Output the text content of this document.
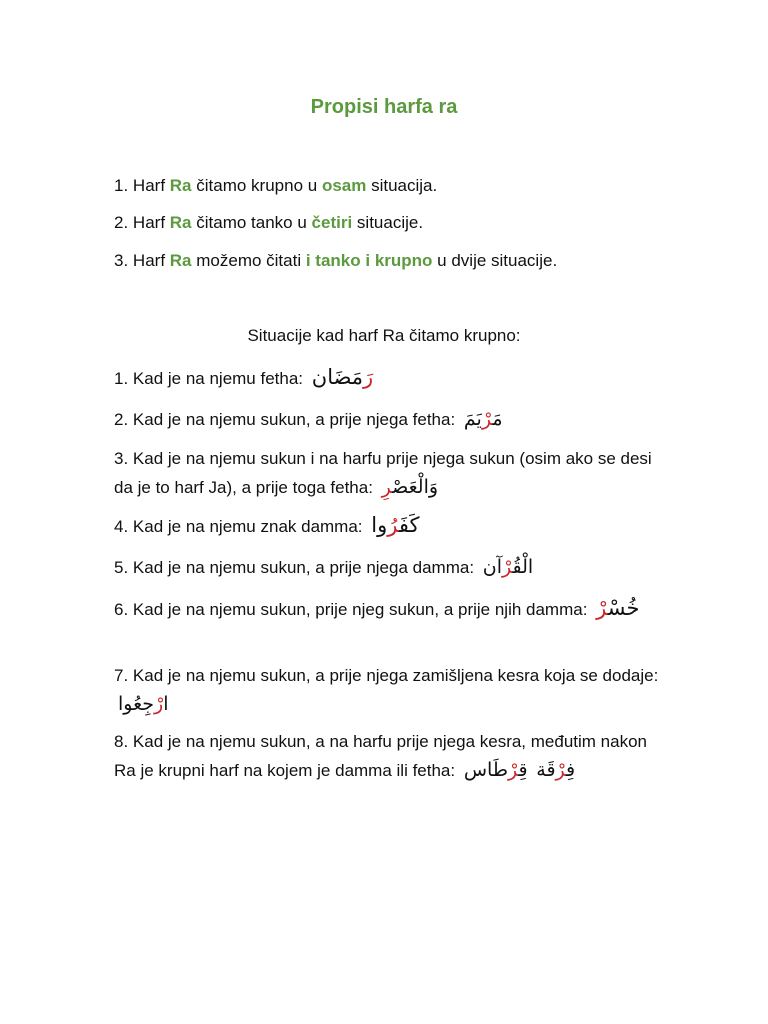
Propisi harfa ra
1. Harf Ra čitamo krupno u osam situacija.
2. Harf Ra čitamo tanko u četiri situacije.
3. Harf Ra možemo čitati i tanko i krupno u dvije situacije.
Situacije kad harf Ra čitamo krupno:
1. Kad je na njemu fetha:	رَمَضَان
2. Kad je na njemu sukun, a prije njega fetha: مَرْيَمَ
3. Kad je na njemu sukun i na harfu prije njega sukun (osim ako se desi da je to harf Ja), a prije toga fetha: وَالْعَصْرِ
4. Kad je na njemu znak damma: كَفَرُوا
5. Kad je na njemu sukun, a prije njega damma: الْقُرْآن
6. Kad je na njemu sukun, prije njeg sukun, a prije njih damma: خُسْرْ
7. Kad je na njemu sukun, a prije njega zamišljena kesra koja se dodaje: ارْجِعُوا
8. Kad je na njemu sukun, a na harfu prije njega kesra, međutim nakon Ra je krupni harf na kojem je damma ili fetha:	قِرْطَاس	فِرْقَة
